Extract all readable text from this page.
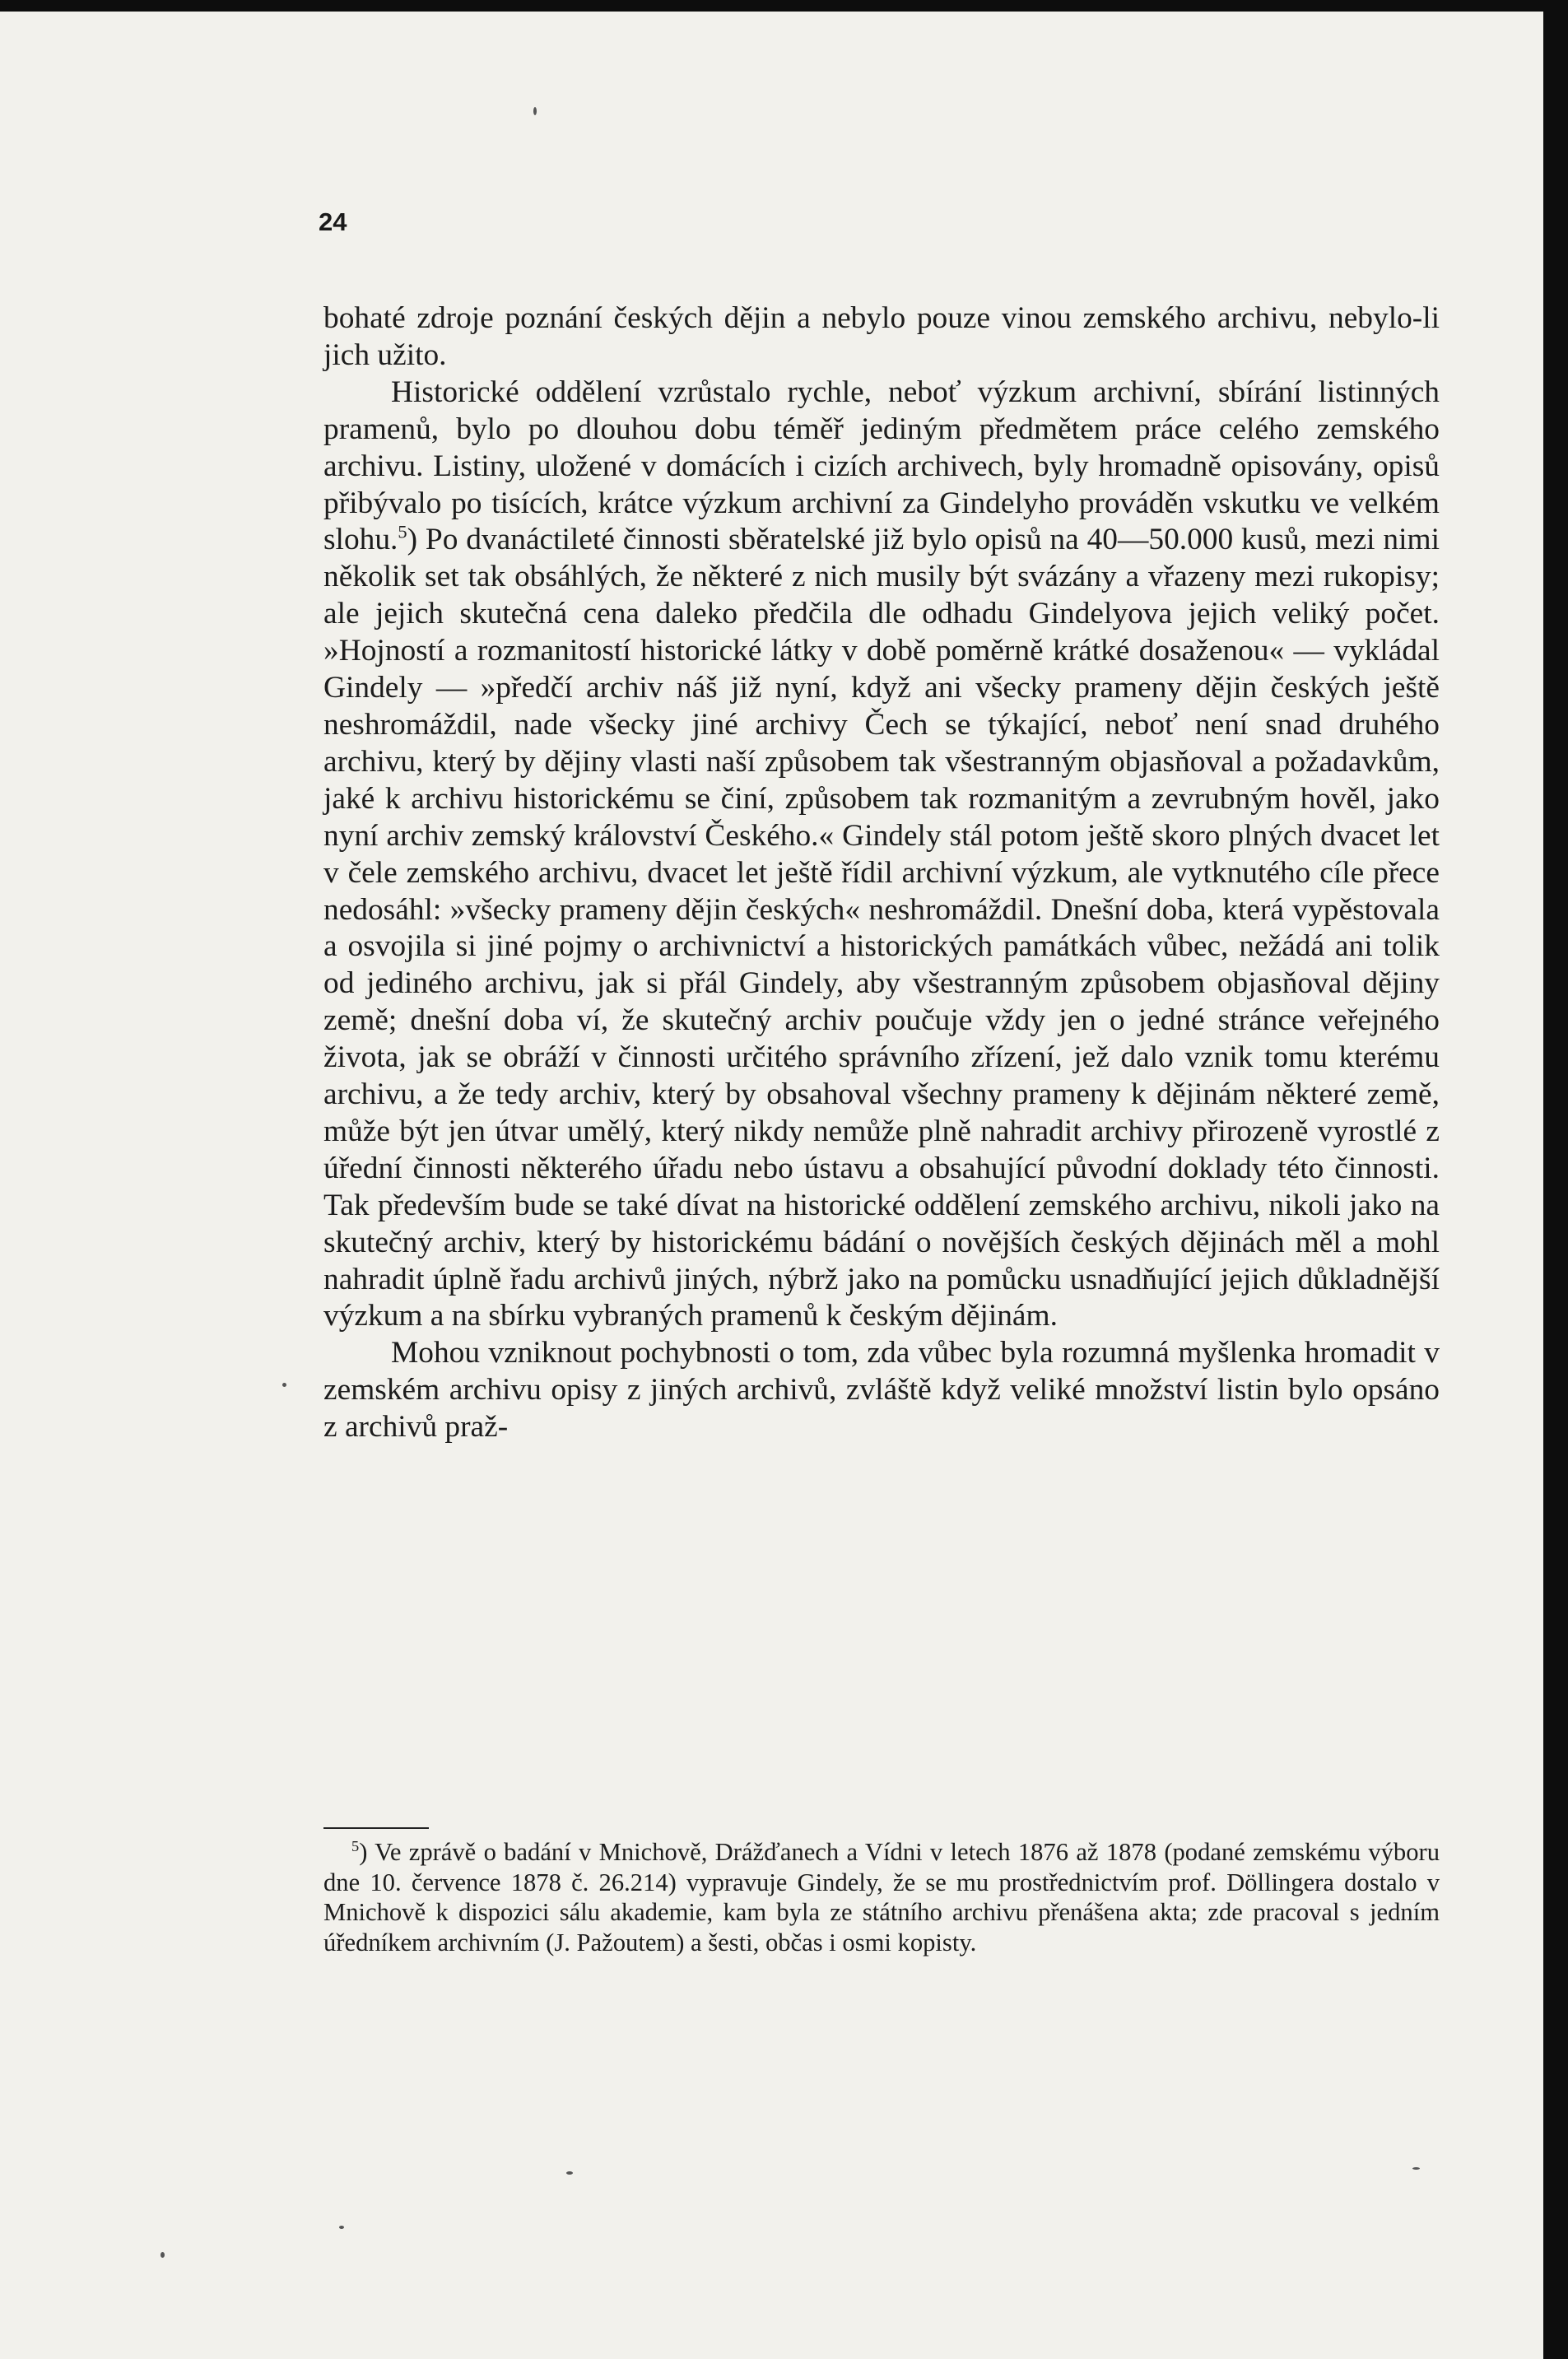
24

bohaté zdroje poznání českých dějin a nebylo pouze vinou zemského archivu, nebylo-li jich užito.

Historické oddělení vzrůstalo rychle, neboť výzkum archivní, sbírání listinných pramenů, bylo po dlouhou dobu téměř jediným předmětem práce celého zemského archivu. Listiny, uložené v domácích i cizích archivech, byly hromadně opisovány, opisů přibývalo po tisících, krátce výzkum archivní za Gindelyho prováděn vskutku ve velkém slohu.$^5$) Po dvanáctileté činnosti sběratelské již bylo opisů na 40—50.000 kusů, mezi nimi několik set tak obsáhlých, že některé z nich musily být svázány a vřazeny mezi rukopisy; ale jejich skutečná cena daleko předčila dle odhadu Gindelyova jejich veliký počet. »Hojností a rozmanitostí historické látky v době poměrně krátké dosaženou« — vykládal Gindely — »předčí archiv náš již nyní, když ani všecky prameny dějin českých ještě neshromáždil, nade všecky jiné archivy Čech se týkající, neboť není snad druhého archivu, který by dějiny vlasti naší způsobem tak všestranným objasňoval a požadavkům, jaké k archivu historickému se činí, způsobem tak rozmanitým a zevrubným hověl, jako nyní archiv zemský království Českého.« Gindely stál potom ještě skoro plných dvacet let v čele zemského archivu, dvacet let ještě řídil archivní výzkum, ale vytknutého cíle přece nedosáhl: »všecky prameny dějin českých« neshromáždil. Dnešní doba, která vypěstovala a osvojila si jiné pojmy o archivnictví a historických památkách vůbec, nežádá ani tolik od jediného archivu, jak si přál Gindely, aby všestranným způsobem objasňoval dějiny země; dnešní doba ví, že skutečný archiv poučuje vždy jen o jedné stránce veřejného života, jak se obráží v činnosti určitého správního zřízení, jež dalo vznik tomu kterému archivu, a že tedy archiv, který by obsahoval všechny prameny k dějinám některé země, může být jen útvar umělý, který nikdy nemůže plně nahradit archivy přirozeně vyrostlé z úřední činnosti některého úřadu nebo ústavu a obsahující původní doklady této činnosti. Tak především bude se také dívat na historické oddělení zemského archivu, nikoli jako na skutečný archiv, který by historickému bádání o novějších českých dějinách měl a mohl nahradit úplně řadu archivů jiných, nýbrž jako na pomůcku usnadňující jejich důkladnější výzkum a na sbírku vybraných pramenů k českým dějinám.

Mohou vzniknout pochybnosti o tom, zda vůbec byla rozumná myšlenka hromadit v zemském archivu opisy z jiných archivů, zvláště když veliké množství listin bylo opsáno z archivů praž-

$^5$) Ve zprávě o badání v Mnichově, Drážďanech a Vídni v letech 1876 až 1878 (podané zemskému výboru dne 10. července 1878 č. 26.214) vypravuje Gindely, že se mu prostřednictvím prof. Döllingera dostalo v Mnichově k dispozici sálu akademie, kam byla ze státního archivu přenášena akta; zde pracoval s jedním úředníkem archivním (J. Pažoutem) a šesti, občas i osmi kopisty.
